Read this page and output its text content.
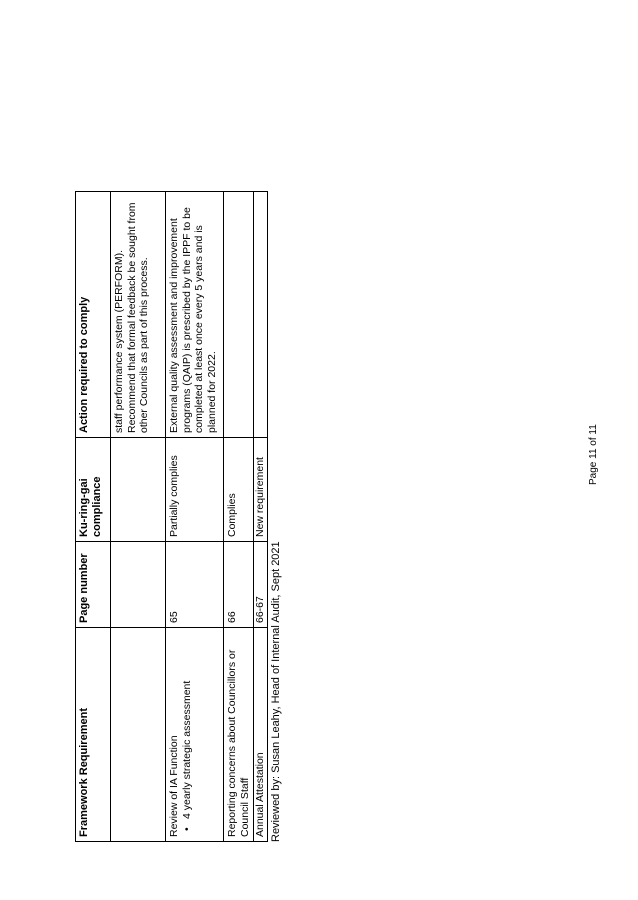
Framework Requirement	Page number	Ku-ring-gai compliance	Action required to comply
			staff performance system (PERFORM). Recommend that formal feedback be sought from other Councils as part of this process.

Review of IA Function •4 yearly strategic assessment	65	Partially complies	External quality assessment and improvement programs (QAIP) is prescribed by the IPPF to be completed at least once every 5 years and is planned for 2022.
Reporting concerns about Councillors or Council Staff	66	Complies	
Annual Attestation	66-67	New requirement	
Reviewed by: Susan Leahy, Head of Internal Audit, Sept 2021
Page 11 of 11
